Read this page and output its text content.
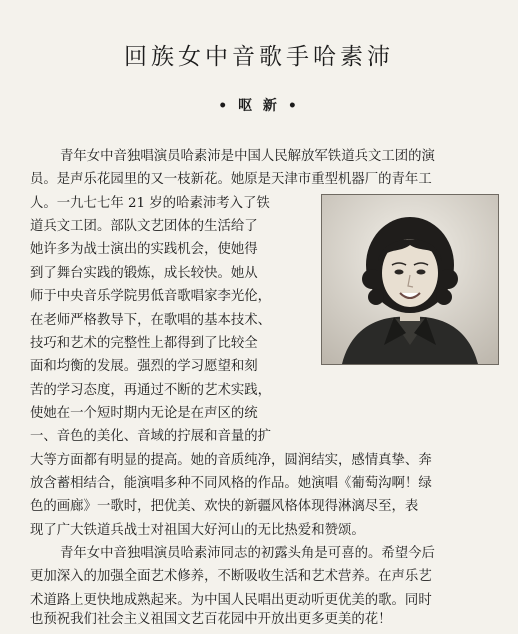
回族女中音歌手哈素沛
• 呕 新 •
青年女中音独唱演员哈素沛是中国人民解放军铁道兵文工团的演
员。是声乐花园里的又一枝新花。她原是天津市重型机器厂的青年工
人。一九七七年 21 岁的哈素沛考入了铁
道兵文工团。部队文艺团体的生活给了
她许多为战士演出的实践机会，使她得
到了舞台实践的锻炼，成长较快。她从
师于中央音乐学院男低音歌唱家李光伦，
在老师严格教导下，在歌唱的基本技术、
技巧和艺术的完整性上都得到了比较全
面和均衡的发展。强烈的学习愿望和刻
苦的学习态度，再通过不断的艺术实践，
使她在一个短时期内无论是在声区的统
一、音色的美化、音域的拧展和音量的扩
大等方面都有明显的提高。她的音质纯净，圆润结实，感情真挚、奔
放含蓄相结合，能演唱多种不同风格的作品。她演唱《葡萄沟啊！绿
色的画廊》一歌时，把优美、欢快的新疆风格体现得淋漓尽至，表
现了广大铁道兵战士对祖国大好河山的无比热爱和赞颂。
青年女中音独唱演员哈素沛同志的初露头角是可喜的。希望今后
更加深入的加强全面艺术修养，不断吸收生活和艺术营养。在声乐艺
术道路上更快地成熟起来。为中国人民唱出更动听更优美的歌。同时
也预祝我们社会主义祖国文艺百花园中开放出更多更美的花！
